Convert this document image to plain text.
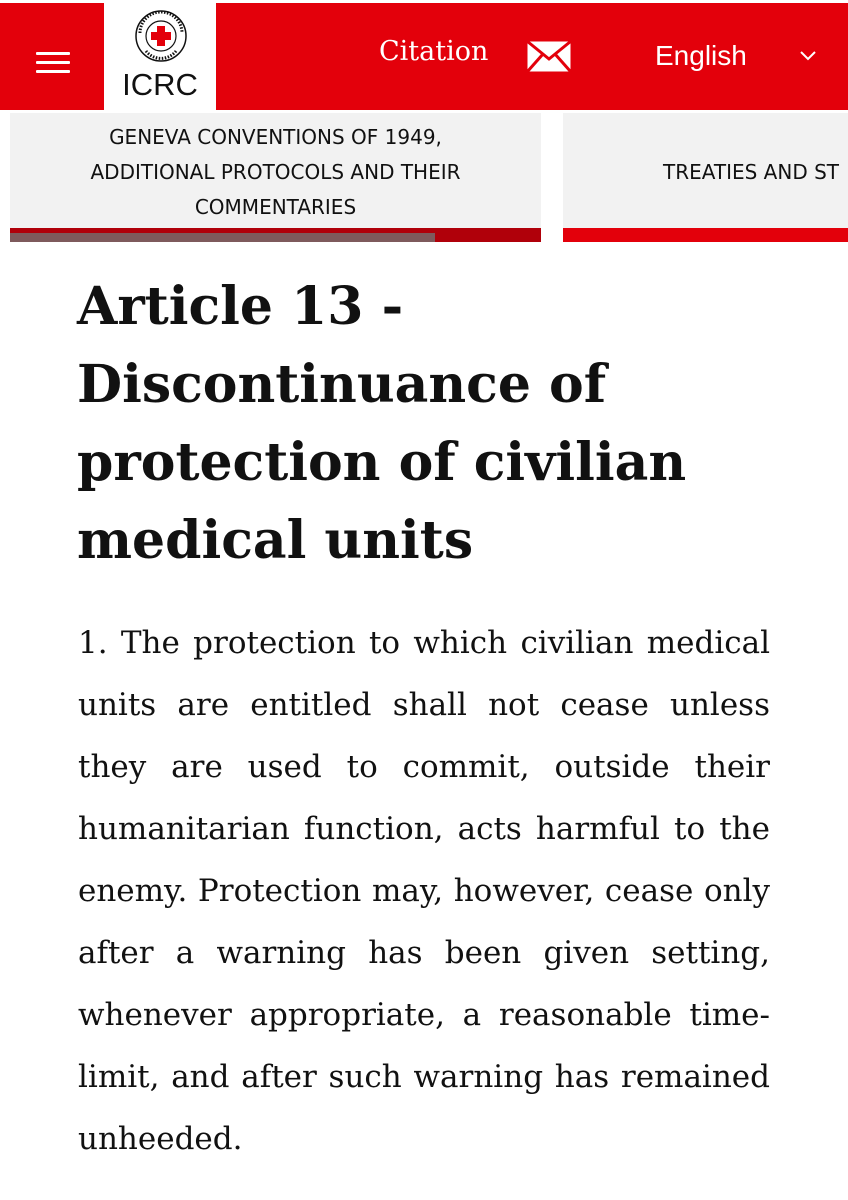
ICRC
Citation	English
GENEVA CONVENTIONS OF 1949,
ADDITIONAL PROTOCOLS AND THEIR
COMMENTARIES
TREATIES AND ST
Article 13 -
Discontinuance of
protection of civilian
medical units

1. The protection to which civilian medical units are entitled shall not cease unless they are used to commit, outside their humanitarian function, acts harmful to the enemy. Protection may, however, cease only after a warning has been given setting, whenever appropriate, a reasonable time-limit, and after such warning has remained unheeded.
